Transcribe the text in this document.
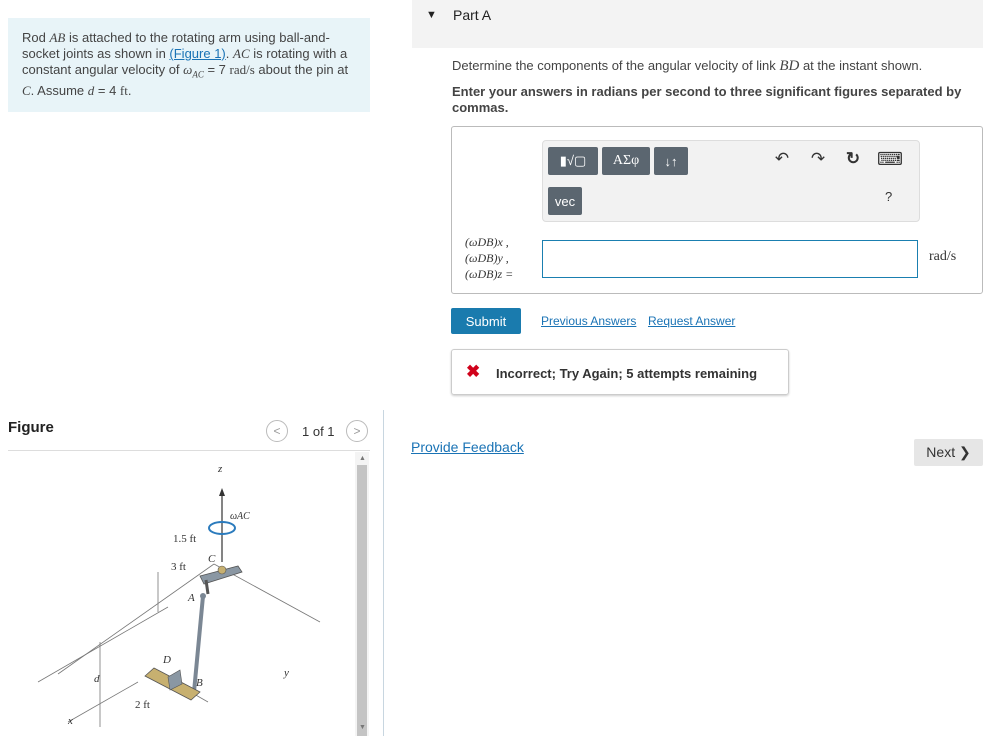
Rod AB is attached to the rotating arm using ball-and-socket joints as shown in (Figure 1). AC is rotating with a constant angular velocity of $\omega_{AC} = 7$ rad/s about the pin at C. Assume d = 4 ft.
▼ Part A
Determine the components of the angular velocity of link BD at the instant shown.
Enter your answers in radians per second to three significant figures separated by commas.
▮√▢	ΑΣφ	↓↑
vec
↶ ↷ ↻ ⌨
?
(ωDB)x ,
(ωDB)y ,
(ωDB)z =
rad/s
Submit	Previous Answers Request Answer
✖ Incorrect; Try Again; 5 attempts remaining
Figure	<	1 of 1	>
z
ωAC
1.5 ft
3 ft
C
A
D
B
d
2 ft
x
y
▲
▼
Provide Feedback	Next ❯
